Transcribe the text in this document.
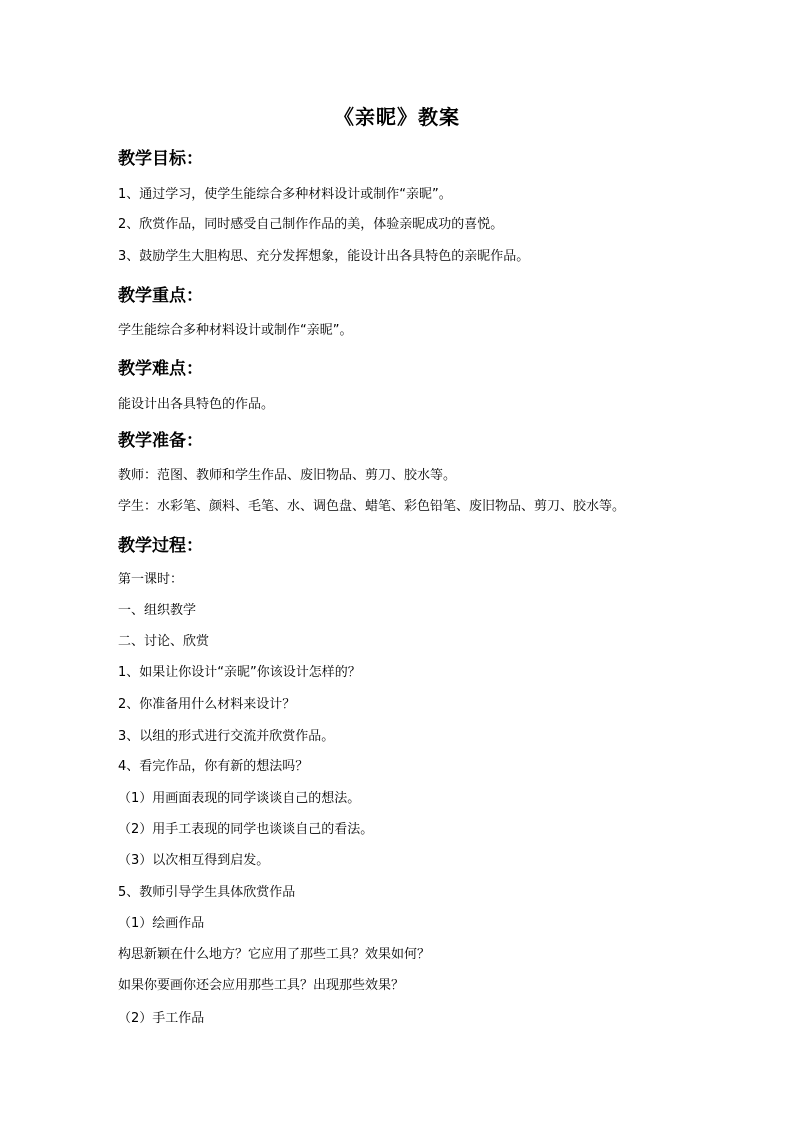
《亲昵》教案
教学目标：
1、通过学习，使学生能综合多种材料设计或制作“亲昵”。
2、欣赏作品，同时感受自己制作作品的美，体验亲昵成功的喜悦。
3、鼓励学生大胆构思、充分发挥想象，能设计出各具特色的亲昵作品。
教学重点：
学生能综合多种材料设计或制作“亲昵”。
教学难点：
能设计出各具特色的作品。
教学准备：
教师：范图、教师和学生作品、废旧物品、剪刀、胶水等。
学生：水彩笔、颜料、毛笔、水、调色盘、蜡笔、彩色铅笔、废旧物品、剪刀、胶水等。
教学过程：
第一课时：
一、组织教学
二、讨论、欣赏
1、如果让你设计“亲昵”你该设计怎样的？
2、你准备用什么材料来设计？
3、以组的形式进行交流并欣赏作品。
4、看完作品，你有新的想法吗？
（1）用画面表现的同学谈谈自己的想法。
（2）用手工表现的同学也谈谈自己的看法。
（3）以次相互得到启发。
5、教师引导学生具体欣赏作品
（1）绘画作品
构思新颖在什么地方？它应用了那些工具？效果如何？
如果你要画你还会应用那些工具？出现那些效果？
（2）手工作品
